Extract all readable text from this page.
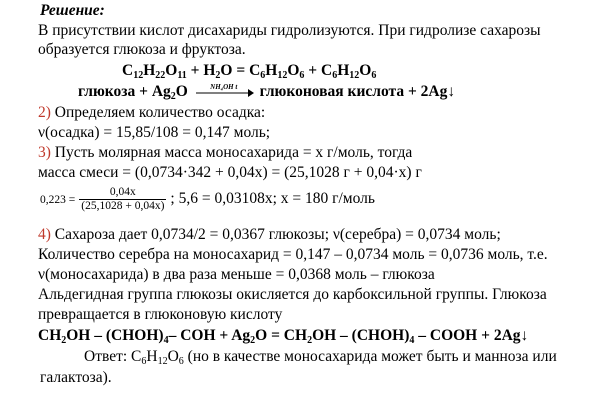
Решение:
В присутствии кислот дисахариды гидролизуются. При гидролизе сахарозы
образуется глюкоза и фруктоза.
$C_{12}H_{22}O_{11} + H_2O = C_6H_{12}O_6 + C_6H_{12}O_6$
глюкоза + $Ag_2O$	NH₄OH t	глюконовая кислота + 2Ag↓
2) Определяем количество осадка:
ν(осадка) = 15,85/108 = 0,147 моль;
3) Пусть молярная масса моносахарида = х г/моль, тогда
масса смеси = (0,0734·342 + 0,04x) = (25,1028 г + 0,04·x) г
$0,223 = \frac{0,04x}{(25,1028 + 0,04x)}$ ; 5,6 = 0,03108x; x = 180 г/моль
4) Сахароза дает 0,0734/2 = 0,0367 глюкозы; ν(серебра) = 0,0734 моль;
Количество серебра на моносахарид = 0,147 – 0,0734 моль = 0,0736 моль, т.е.
ν(моносахарида) в два раза меньше = 0,0368 моль – глюкоза
Альдегидная группа глюкозы окисляется до карбоксильной группы. Глюкоза
превращается в глюконовую кислоту
$CH_2OH$ – $(CHOH)_4-$ COH + $Ag_2O = CH_2OH$ – $(CHOH)_4$ – COOH + 2Ag↓
Ответ: $C_6H_{12}O_6$ (но в качестве моносахарида может быть и манноза или
галактоза).
